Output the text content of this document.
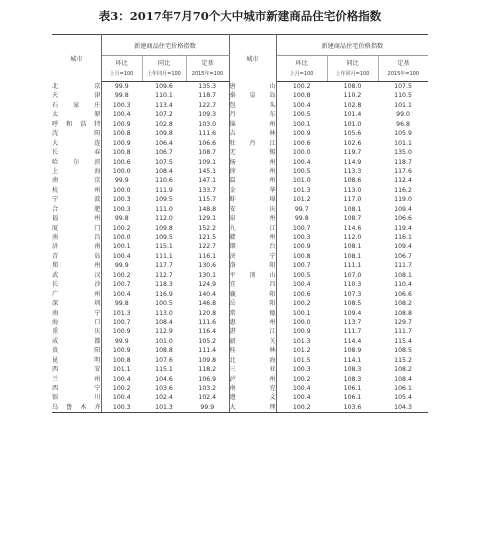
表3：2017年7月70个大中城市新建商品住宅价格指数
城市	新建商品住宅价格指数			城市	新建商品住宅价格指数		
	环比	同比	定基		环比	同比	定基
	上月=100	上年同月=100	2015年=100		上月=100	上年同月=100	2015年=100
北京	99.9	109.6	135.3	唐山	100.2	108.0	107.5
天津	99.8	110.1	118.7	秦皇岛	100.8	110.2	110.5
石家庄	100.3	113.4	122.7	包头	100.4	102.8	101.1
太原	100.4	107.2	109.3	丹东	100.5	101.4	99.0
呼和浩特	100.9	102.8	103.0	锦州	100.1	101.0	96.8
沈阳	100.8	109.8	111.6	吉林	100.9	105.6	105.9
大连	100.9	106.4	106.6	牡丹江	100.6	102.6	101.1
长春	100.8	106.7	108.7	无锡	100.0	119.7	135.0
哈尔滨	100.6	107.5	109.1	扬州	100.4	114.9	118.7
上海	100.0	108.4	145.1	徐州	100.5	113.3	117.6
南京	99.9	110.6	147.1	温州	101.0	108.6	112.4
杭州	100.0	111.9	133.7	金华	101.3	113.0	116.2
宁波	100.3	109.5	115.7	蚌埠	101.2	117.0	119.0
合肥	100.3	111.0	148.8	安庆	99.7	108.1	109.4
福州	99.8	112.0	129.1	泉州	99.8	108.7	106.6
厦门	100.2	109.8	152.2	九江	100.7	114.6	119.4
南昌	100.0	109.5	121.5	赣州	100.3	112.0	116.1
济南	100.1	115.1	122.7	烟台	100.9	108.1	109.4
青岛	100.4	111.1	116.1	济宁	100.8	108.1	106.7
郑州	99.9	117.7	130.6	洛阳	100.7	111.1	111.7
武汉	100.2	112.7	130.1	平顶山	100.5	107.0	108.1
长沙	100.7	118.3	124.9	宜昌	100.4	110.3	110.4
广州	100.4	116.9	140.4	襄阳	100.6	107.3	106.6
深圳	99.8	100.5	146.8	岳阳	100.2	108.5	108.2
南宁	101.3	113.0	120.8	常德	100.1	109.4	108.8
海口	100.7	108.4	111.6	惠州	100.0	113.7	129.7
重庆	100.9	112.9	116.4	湛江	100.9	111.7	111.7
成都	99.9	101.0	105.2	韶关	101.3	114.4	115.4
贵阳	100.9	108.8	111.4	桂林	101.2	108.9	108.5
昆明	100.8	107.6	109.8	北海	101.5	114.1	115.2
西安	101.1	115.1	118.2	三亚	100.3	108.3	108.2
兰州	100.4	104.6	106.9	泸州	100.2	108.3	108.4
西宁	100.2	103.6	103.2	南充	100.4	106.1	106.1
银川	100.4	102.4	102.4	遵义	100.4	106.1	105.4
乌鲁木齐	100.3	101.3	99.9	大理	100.2	103.6	104.3
